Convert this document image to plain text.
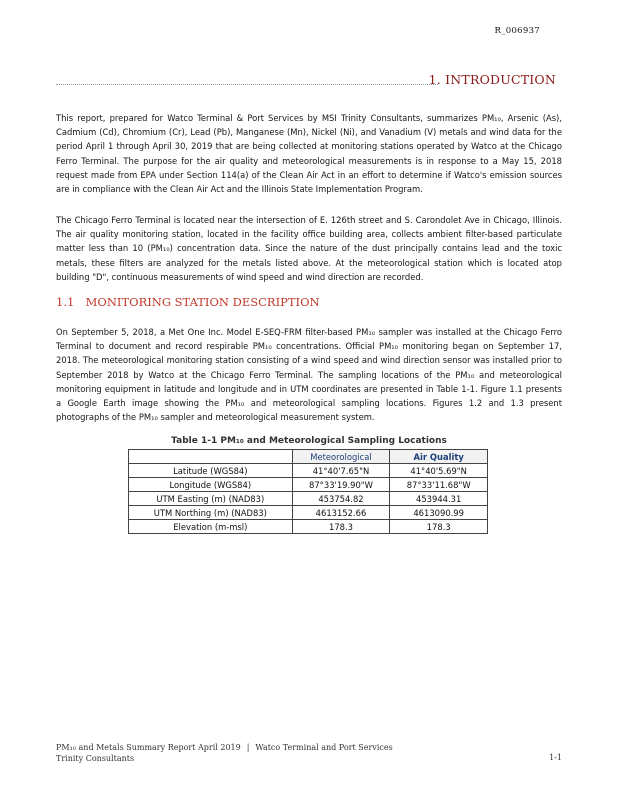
R_006937
1. INTRODUCTION

This report, prepared for Watco Terminal & Port Services by MSI Trinity Consultants, summarizes PM₁₀, Arsenic (As), Cadmium (Cd), Chromium (Cr), Lead (Pb), Manganese (Mn), Nickel (Ni), and Vanadium (V) metals and wind data for the period April 1 through April 30, 2019 that are being collected at monitoring stations operated by Watco at the Chicago Ferro Terminal. The purpose for the air quality and meteorological measurements is in response to a May 15, 2018 request made from EPA under Section 114(a) of the Clean Air Act in an effort to determine if Watco's emission sources are in compliance with the Clean Air Act and the Illinois State Implementation Program.

The Chicago Ferro Terminal is located near the intersection of E. 126th street and S. Carondolet Ave in Chicago, Illinois. The air quality monitoring station, located in the facility office building area, collects ambient filter-based particulate matter less than 10 (PM₁₀) concentration data. Since the nature of the dust principally contains lead and the toxic metals, these filters are analyzed for the metals listed above. At the meteorological station which is located atop building "D", continuous measurements of wind speed and wind direction are recorded.

1.1 MONITORING STATION DESCRIPTION

On September 5, 2018, a Met One Inc. Model E-SEQ-FRM filter-based PM₁₀ sampler was installed at the Chicago Ferro Terminal to document and record respirable PM₁₀ concentrations. Official PM₁₀ monitoring began on September 17, 2018. The meteorological monitoring station consisting of a wind speed and wind direction sensor was installed prior to September 2018 by Watco at the Chicago Ferro Terminal. The sampling locations of the PM₁₀ and meteorological monitoring equipment in latitude and longitude and in UTM coordinates are presented in Table 1-1. Figure 1.1 presents a Google Earth image showing the PM₁₀ and meteorological sampling locations. Figures 1.2 and 1.3 present photographs of the PM₁₀ sampler and meteorological measurement system.

Table 1-1 PM₁₀ and Meteorological Sampling Locations
	Meteorological	Air Quality
Latitude (WGS84)	41°40'7.65"N	41°40'5.69"N
Longitude (WGS84)	87°33'19.90"W	87°33'11.68"W
UTM Easting (m) (NAD83)	453754.82	453944.31
UTM Northing (m) (NAD83)	4613152.66	4613090.99
Elevation (m-msl)	178.3	178.3
PM₁₀ and Metals Summary Report April 2019 | Watco Terminal and Port Services
Trinity Consultants	1-1
